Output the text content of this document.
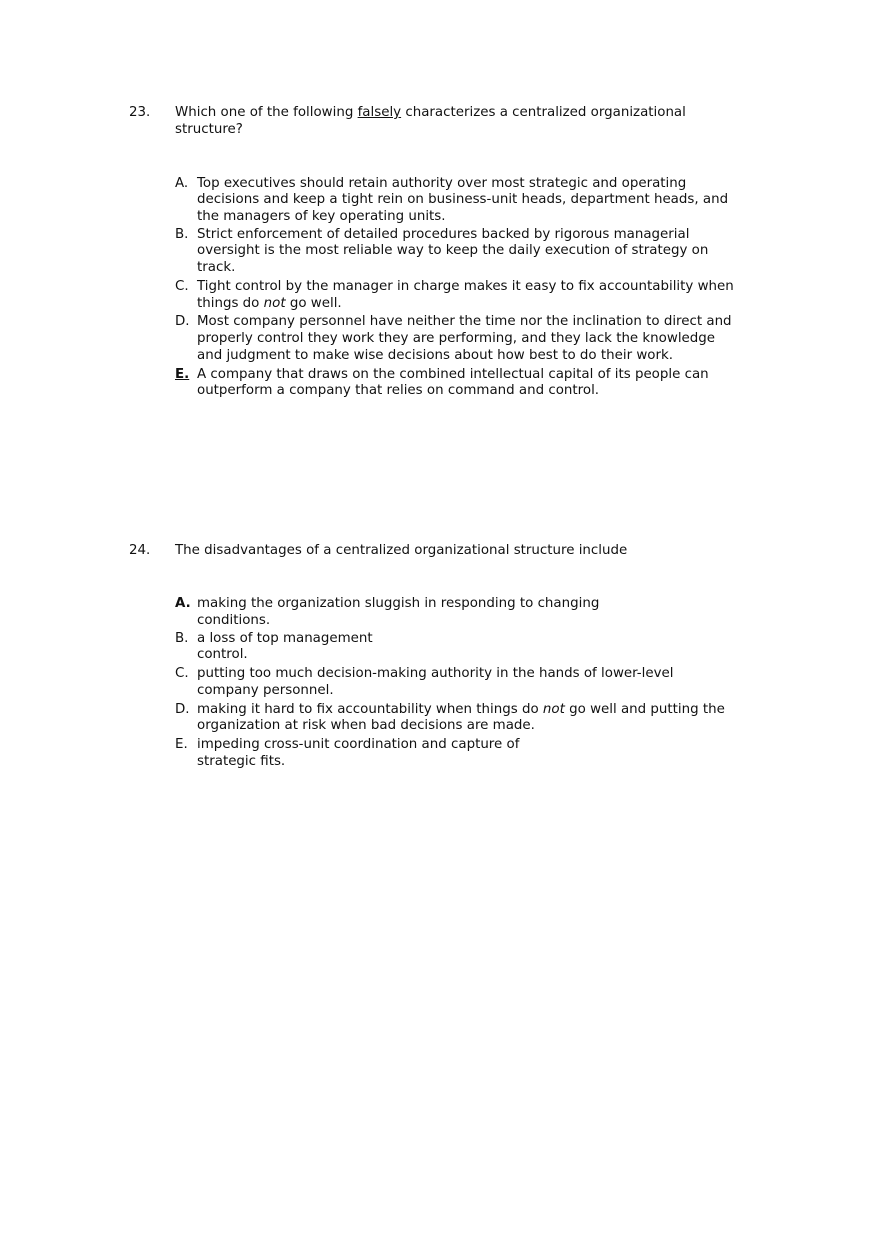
23. Which one of the following falsely characterizes a centralized organizational
structure?
A. Top executives should retain authority over most strategic and operating
decisions and keep a tight rein on business-unit heads, department heads, and
the managers of key operating units.
B. Strict enforcement of detailed procedures backed by rigorous managerial
oversight is the most reliable way to keep the daily execution of strategy on
track.
C. Tight control by the manager in charge makes it easy to fix accountability when
things do not go well.
D. Most company personnel have neither the time nor the inclination to direct and
properly control they work they are performing, and they lack the knowledge
and judgment to make wise decisions about how best to do their work.
E. A company that draws on the combined intellectual capital of its people can
outperform a company that relies on command and control.
24. The disadvantages of a centralized organizational structure include
A. making the organization sluggish in responding to changing
conditions.
B. a loss of top management
control.
C. putting too much decision-making authority in the hands of lower-level
company personnel.
D. making it hard to fix accountability when things do not go well and putting the
organization at risk when bad decisions are made.
E. impeding cross-unit coordination and capture of
strategic fits.
